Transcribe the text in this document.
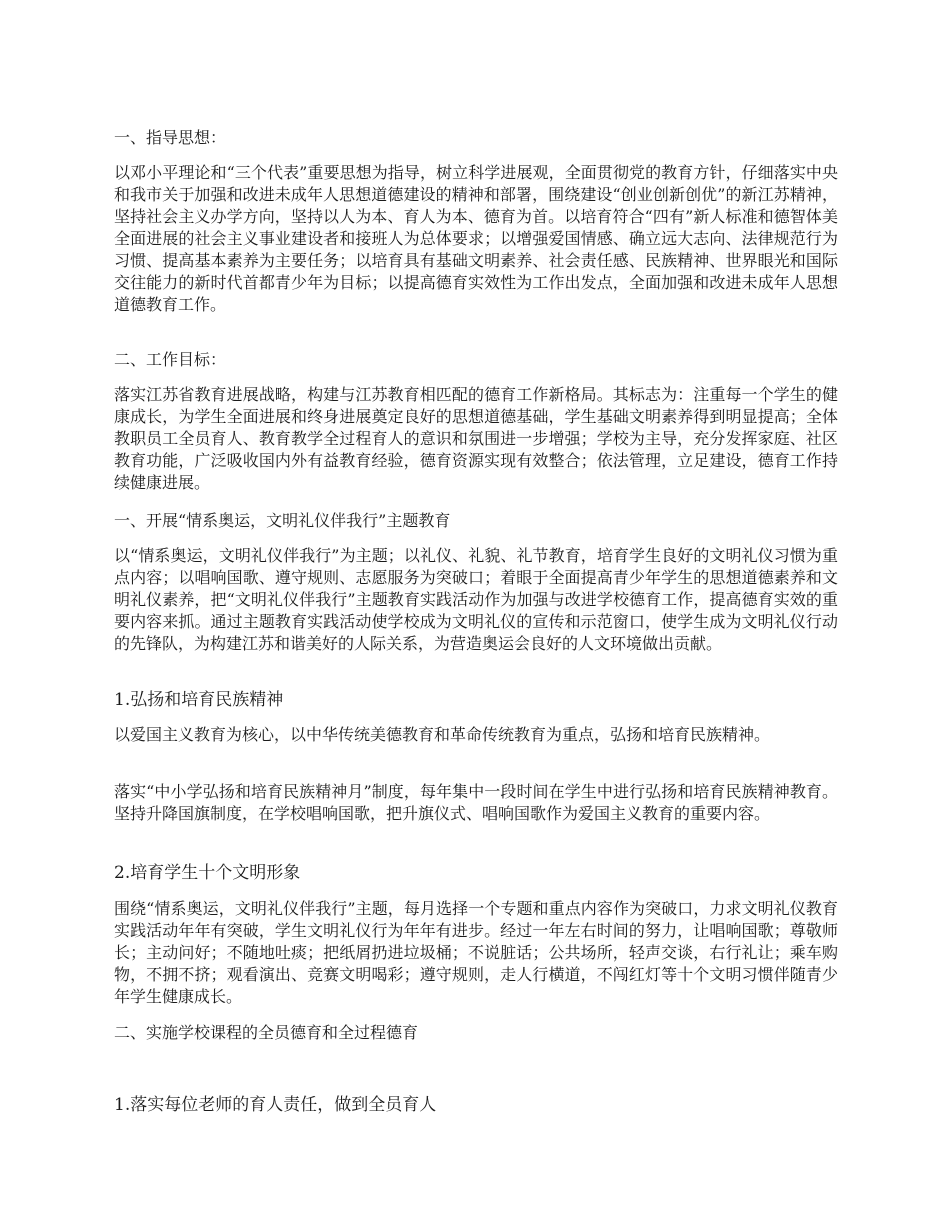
一、指导思想：

以邓小平理论和“三个代表”重要思想为指导，树立科学进展观，全面贯彻党的教育方针，仔细落实中央和我市关于加强和改进未成年人思想道德建设的精神和部署，围绕建设“创业创新创优”的新江苏精神，坚持社会主义办学方向，坚持以人为本、育人为本、德育为首。以培育符合“四有”新人标准和德智体美全面进展的社会主义事业建设者和接班人为总体要求；以增强爱国情感、确立远大志向、法律规范行为习惯、提高基本素养为主要任务；以培育具有基础文明素养、社会责任感、民族精神、世界眼光和国际交往能力的新时代首都青少年为目标；以提高德育实效性为工作出发点，全面加强和改进未成年人思想道德教育工作。

二、工作目标：

落实江苏省教育进展战略，构建与江苏教育相匹配的德育工作新格局。其标志为：注重每一个学生的健康成长，为学生全面进展和终身进展奠定良好的思想道德基础，学生基础文明素养得到明显提高；全体教职员工全员育人、教育教学全过程育人的意识和氛围进一步增强；学校为主导，充分发挥家庭、社区教育功能，广泛吸收国内外有益教育经验，德育资源实现有效整合；依法管理，立足建设，德育工作持续健康进展。

一、开展“情系奥运，文明礼仪伴我行”主题教育

以“情系奥运，文明礼仪伴我行”为主题；以礼仪、礼貌、礼节教育，培育学生良好的文明礼仪习惯为重点内容；以唱响国歌、遵守规则、志愿服务为突破口；着眼于全面提高青少年学生的思想道德素养和文明礼仪素养，把“文明礼仪伴我行”主题教育实践活动作为加强与改进学校德育工作，提高德育实效的重要内容来抓。通过主题教育实践活动使学校成为文明礼仪的宣传和示范窗口，使学生成为文明礼仪行动的先锋队，为构建江苏和谐美好的人际关系，为营造奥运会良好的人文环境做出贡献。

1.弘扬和培育民族精神

以爱国主义教育为核心，以中华传统美德教育和革命传统教育为重点，弘扬和培育民族精神。

落实“中小学弘扬和培育民族精神月”制度，每年集中一段时间在学生中进行弘扬和培育民族精神教育。坚持升降国旗制度，在学校唱响国歌，把升旗仪式、唱响国歌作为爱国主义教育的重要内容。

2.培育学生十个文明形象

围绕“情系奥运，文明礼仪伴我行”主题，每月选择一个专题和重点内容作为突破口，力求文明礼仪教育实践活动年年有突破，学生文明礼仪行为年年有进步。经过一年左右时间的努力，让唱响国歌；尊敬师长；主动问好；不随地吐痰；把纸屑扔进垃圾桶；不说脏话；公共场所，轻声交谈，右行礼让；乘车购物，不拥不挤；观看演出、竞赛文明喝彩；遵守规则，走人行横道，不闯红灯等十个文明习惯伴随青少年学生健康成长。

二、实施学校课程的全员德育和全过程德育

1.落实每位老师的育人责任，做到全员育人
